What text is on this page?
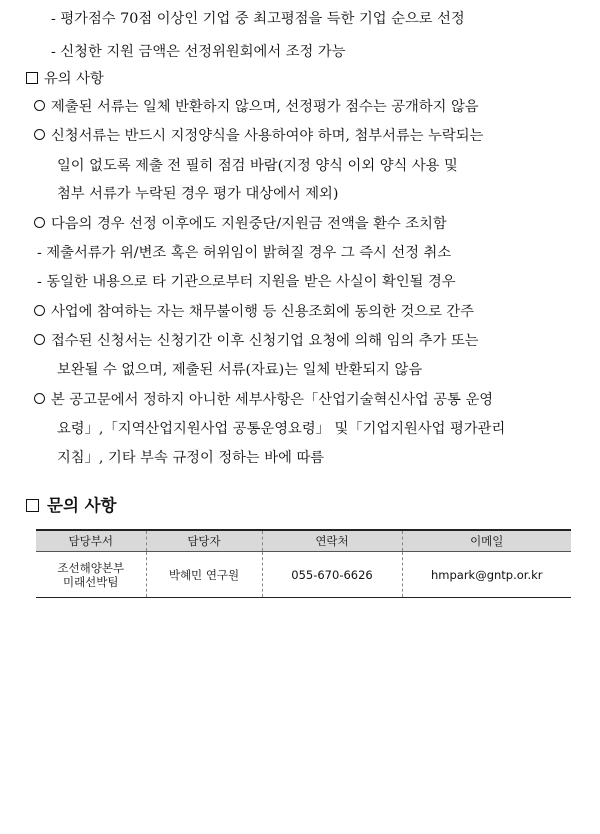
- 평가점수 70점 이상인 기업 중 최고평점을 득한 기업 순으로 선정
- 신청한 지원 금액은 선정위원회에서 조정 가능
유의 사항
제출된 서류는 일체 반환하지 않으며, 선정평가 점수는 공개하지 않음
신청서류는 반드시 지정양식을 사용하여야 하며, 첨부서류는 누락되는
일이 없도록 제출 전 필히 점검 바람(지정 양식 이외 양식 사용 및
첨부 서류가 누락된 경우 평가 대상에서 제외)
다음의 경우 선정 이후에도 지원중단/지원금 전액을 환수 조치함
- 제출서류가 위/변조 혹은 허위임이 밝혀질 경우 그 즉시 선정 취소
- 동일한 내용으로 타 기관으로부터 지원을 받은 사실이 확인될 경우
사업에 참여하는 자는 채무불이행 등 신용조회에 동의한 것으로 간주
접수된 신청서는 신청기간 이후 신청기업 요청에 의해 임의 추가 또는
보완될 수 없으며, 제출된 서류(자료)는 일체 반환되지 않음
본 공고문에서 정하지 아니한 세부사항은「산업기술혁신사업 공통 운영
요령」,「지역산업지원사업 공통운영요령」 및「기업지원사업 평가관리
지침」, 기타 부속 규정이 정하는 바에 따름
문의 사항
담당부서	담당자	연락처	이메일

조선해양본부
미래선박팀	박혜민 연구원	055-670-6626	hmpark@gntp.or.kr
